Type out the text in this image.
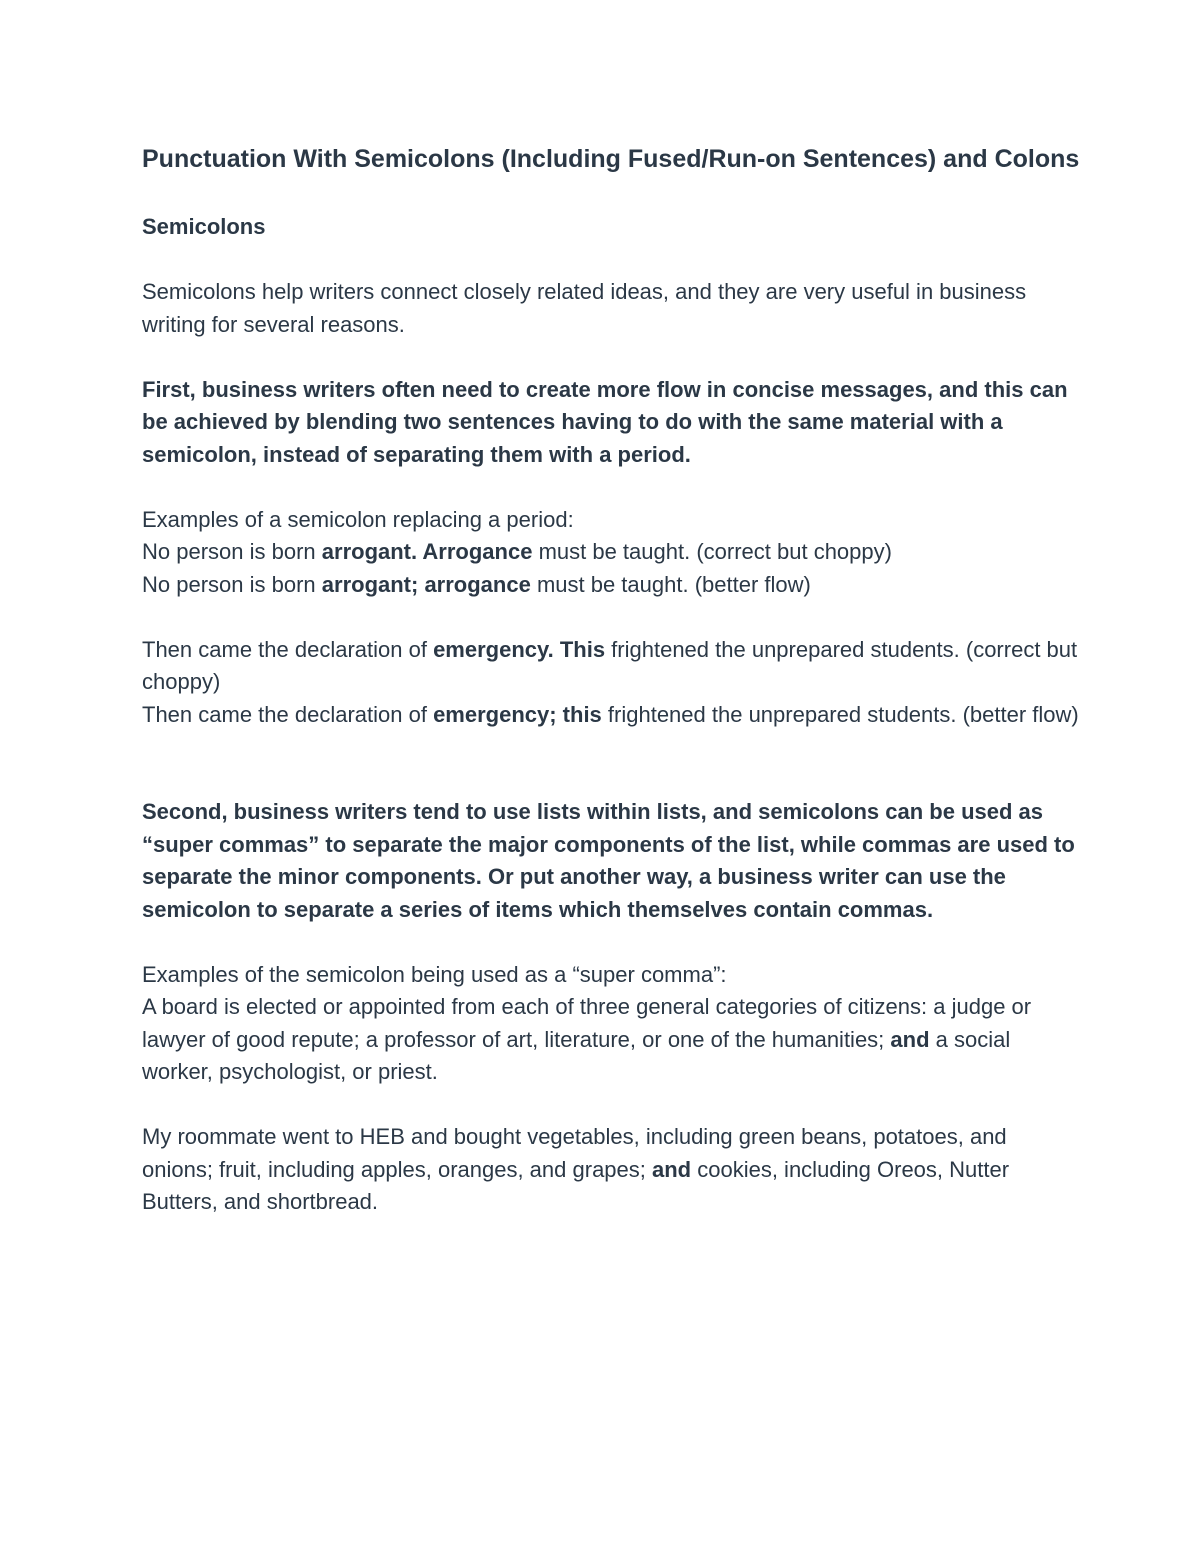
Punctuation With Semicolons (Including Fused/Run-on Sentences) and Colons
Semicolons

Semicolons help writers connect closely related ideas, and they are very useful in business writing for several reasons.

First, business writers often need to create more flow in concise messages, and this can be achieved by blending two sentences having to do with the same material with a semicolon, instead of separating them with a period.

Examples of a semicolon replacing a period:

No person is born arrogant. Arrogance must be taught. (correct but choppy)

No person is born arrogant; arrogance must be taught. (better flow)

Then came the declaration of emergency. This frightened the unprepared students. (correct but choppy)

Then came the declaration of emergency; this frightened the unprepared students. (better flow)

Second, business writers tend to use lists within lists, and semicolons can be used as “super commas” to separate the major components of the list, while commas are used to separate the minor components. Or put another way, a business writer can use the semicolon to separate a series of items which themselves contain commas.

Examples of the semicolon being used as a “super comma”:

A board is elected or appointed from each of three general categories of citizens: a judge or lawyer of good repute; a professor of art, literature, or one of the humanities; and a social worker, psychologist, or priest.

My roommate went to HEB and bought vegetables, including green beans, potatoes, and onions; fruit, including apples, oranges, and grapes; and cookies, including Oreos, Nutter Butters, and shortbread.
